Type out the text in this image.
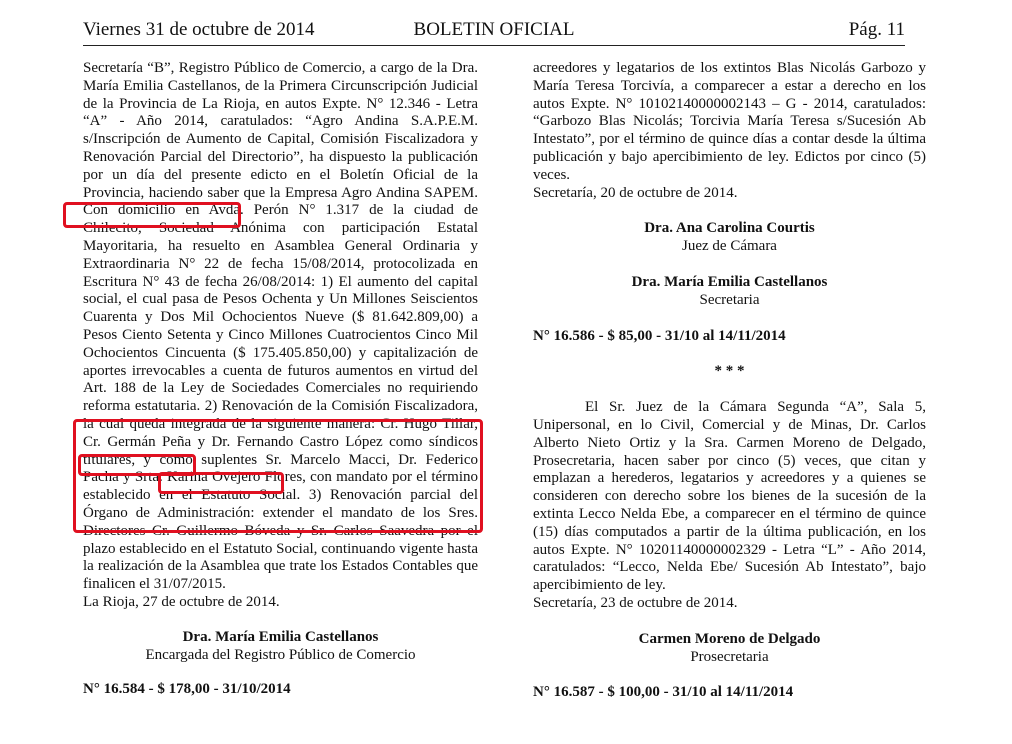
Viernes 31 de octubre de 2014	BOLETIN OFICIAL	Pág. 11

Secretaría “B”, Registro Público de Comercio, a cargo de la Dra. María Emilia Castellanos, de la Primera Circunscripción Judicial de la Provincia de La Rioja, en autos Expte. N° 12.346 - Letra “A” - Año 2014, caratulados: “Agro Andina S.A.P.E.M. s/Inscripción de Aumento de Capital, Comisión Fiscalizadora y Renovación Parcial del Directorio”, ha dispuesto la publicación por un día del presente edicto en el Boletín Oficial de la Provincia, haciendo saber que la Empresa Agro Andina SAPEM. Con domicilio en Avda. Perón N° 1.317 de la ciudad de Chilecito, Sociedad Anónima con participación Estatal Mayoritaria, ha resuelto en Asamblea General Ordinaria y Extraordinaria N° 22 de fecha 15/08/2014, protocolizada en Escritura N° 43 de fecha 26/08/2014: 1) El aumento del capital social, el cual pasa de Pesos Ochenta y Un Millones Seiscientos Cuarenta y Dos Mil Ochocientos Nueve ($ 81.642.809,00) a Pesos Ciento Setenta y Cinco Millones Cuatrocientos Cinco Mil Ochocientos Cincuenta ($ 175.405.850,00) y capitalización de aportes irrevocables a cuenta de futuros aumentos en virtud del Art. 188 de la Ley de Sociedades Comerciales no requiriendo reforma estatutaria. 2) Renovación de la Comisión Fiscalizadora, la cual queda integrada de la siguiente manera: Cr. Hugo Tillar, Cr. Germán Peña y Dr. Fernando Castro López como síndicos titulares, y como suplentes Sr. Marcelo Macci, Dr. Federico Pacha y Srta. Karina Ovejero Flores, con mandato por el término establecido en el Estatuto Social. 3) Renovación parcial del Órgano de Administración: extender el mandato de los Sres. Directores Cr. Guillermo Bóveda y Sr. Carlos Saavedra por el plazo establecido en el Estatuto Social, continuando vigente hasta la realización de la Asamblea que trate los Estados Contables que finalicen el 31/07/2015.

La Rioja, 27 de octubre de 2014.

Dra. María Emilia Castellanos

Encargada del Registro Público de Comercio

N° 16.584 - $ 178,00 - 31/10/2014

acreedores y legatarios de los extintos Blas Nicolás Garbozo y María Teresa Torcivía, a comparecer a estar a derecho en los autos Expte. N° 10102140000002143 – G - 2014, caratulados: “Garbozo Blas Nicolás; Torcivia María Teresa s/Sucesión Ab Intestato”, por el término de quince días a contar desde la última publicación y bajo apercibimiento de ley. Edictos por cinco (5) veces.

Secretaría, 20 de octubre de 2014.

Dra. Ana Carolina Courtis

Juez de Cámara

Dra. María Emilia Castellanos

Secretaria

N° 16.586 - $ 85,00 - 31/10 al 14/11/2014

* * *

El Sr. Juez de la Cámara Segunda “A”, Sala 5, Unipersonal, en lo Civil, Comercial y de Minas, Dr. Carlos Alberto Nieto Ortiz y la Sra. Carmen Moreno de Delgado, Prosecretaria, hacen saber por cinco (5) veces, que citan y emplazan a herederos, legatarios y acreedores y a quienes se consideren con derecho sobre los bienes de la sucesión de la extinta Lecco Nelda Ebe, a comparecer en el término de quince (15) días computados a partir de la última publicación, en los autos Expte. N° 10201140000002329 - Letra “L” - Año 2014, caratulados: “Lecco, Nelda Ebe/ Sucesión Ab Intestato”, bajo apercibimiento de ley.

Secretaría, 23 de octubre de 2014.

Carmen Moreno de Delgado

Prosecretaria

N° 16.587 - $ 100,00 - 31/10 al 14/11/2014
